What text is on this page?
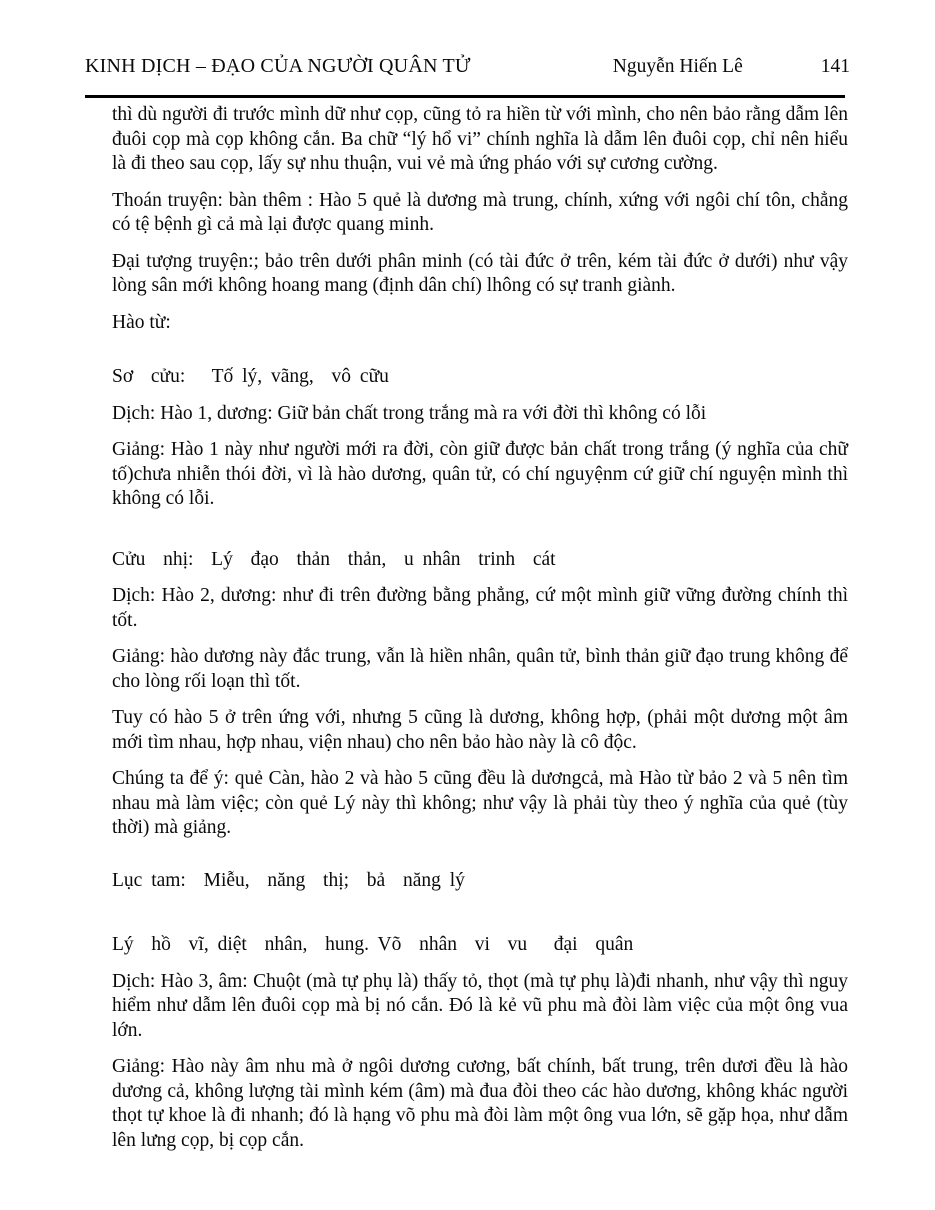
KINH DỊCH – ĐẠO CỦA NGƯỜI QUÂN TỬ	Nguyễn Hiến Lê	141

thì dù người đi trước mình dữ như cọp, cũng tỏ ra hiền từ với mình, cho nên bảo rằng dẫm lên đuôi cọp mà cọp không cắn. Ba chữ “lý hổ vi” chính nghĩa là dẫm lên đuôi cọp, chỉ nên hiểu là đi theo sau cọp, lấy sự nhu thuận, vui vẻ mà ứng pháo với sự cương cường.

Thoán truyện: bàn thêm : Hào 5 quẻ là dương mà trung, chính, xứng với ngôi chí tôn, chẳng có tệ bệnh gì cả mà lại được quang minh.

Đại tượng truyện:; bảo trên dưới phân minh (có tài đức ở trên, kém tài đức ở dưới) như vậy lòng sân mới không hoang mang (định dân chí) lhông có sự tranh giành.

Hào từ:

Sơ  cửu:   Tố lý, vãng,  vô cữu

Dịch: Hào 1, dương: Giữ bản chất trong trắng mà ra với đời thì không có lỗi

Giảng: Hào 1 này như người mới ra đời, còn giữ được bản chất trong trắng (ý nghĩa của chữ tố)chưa nhiễn thói đời, vì là hào dương, quân tử, có chí nguyệnm cứ giữ chí nguyện mình thì không có lỗi.

Cửu  nhị:  Lý  đạo  thản  thản,  u nhân  trinh  cát

Dịch: Hào 2, dương: như đi trên đường bằng phẳng, cứ một mình giữ vững đường chính thì tốt.

Giảng: hào dương này đắc trung, vẫn là hiền nhân, quân tử, bình thản giữ đạo trung không để cho lòng rối loạn thì tốt.

Tuy có hào 5 ở trên ứng với, nhưng 5 cũng là dương, không hợp, (phải một dương một âm mới tìm nhau, hợp nhau, viện nhau) cho nên bảo hào này là cô độc.

Chúng ta để ý: quẻ Càn, hào 2 và hào 5 cũng đều là dươngcả, mà Hào từ bảo 2 và 5 nên tìm nhau mà làm việc; còn quẻ Lý này thì không; như vậy là phải tùy theo ý nghĩa của quẻ (tùy thời) mà giảng.

Lục tam:  Miễu,  năng  thị;  bả  năng lý

Lý  hồ  vĩ, diệt  nhân,  hung. Võ  nhân  vi  vu   đại  quân

Dịch: Hào 3, âm: Chuột (mà tự phụ là) thấy tỏ, thọt (mà tự phụ là)đi nhanh, như vậy thì nguy hiểm như dẫm lên đuôi cọp mà bị nó cắn. Đó là kẻ vũ phu mà đòi làm việc của một ông vua lớn.

Giảng: Hào này âm nhu mà ở ngôi dương cương, bất chính, bất trung, trên dươi đều là hào dương cả, không lượng tài mình kém (âm) mà đua đòi theo các hào dương, không khác người thọt tự khoe là đi nhanh; đó là hạng võ phu mà đòi làm một ông vua lớn, sẽ gặp họa, như dẫm lên lưng cọp, bị cọp cắn.
